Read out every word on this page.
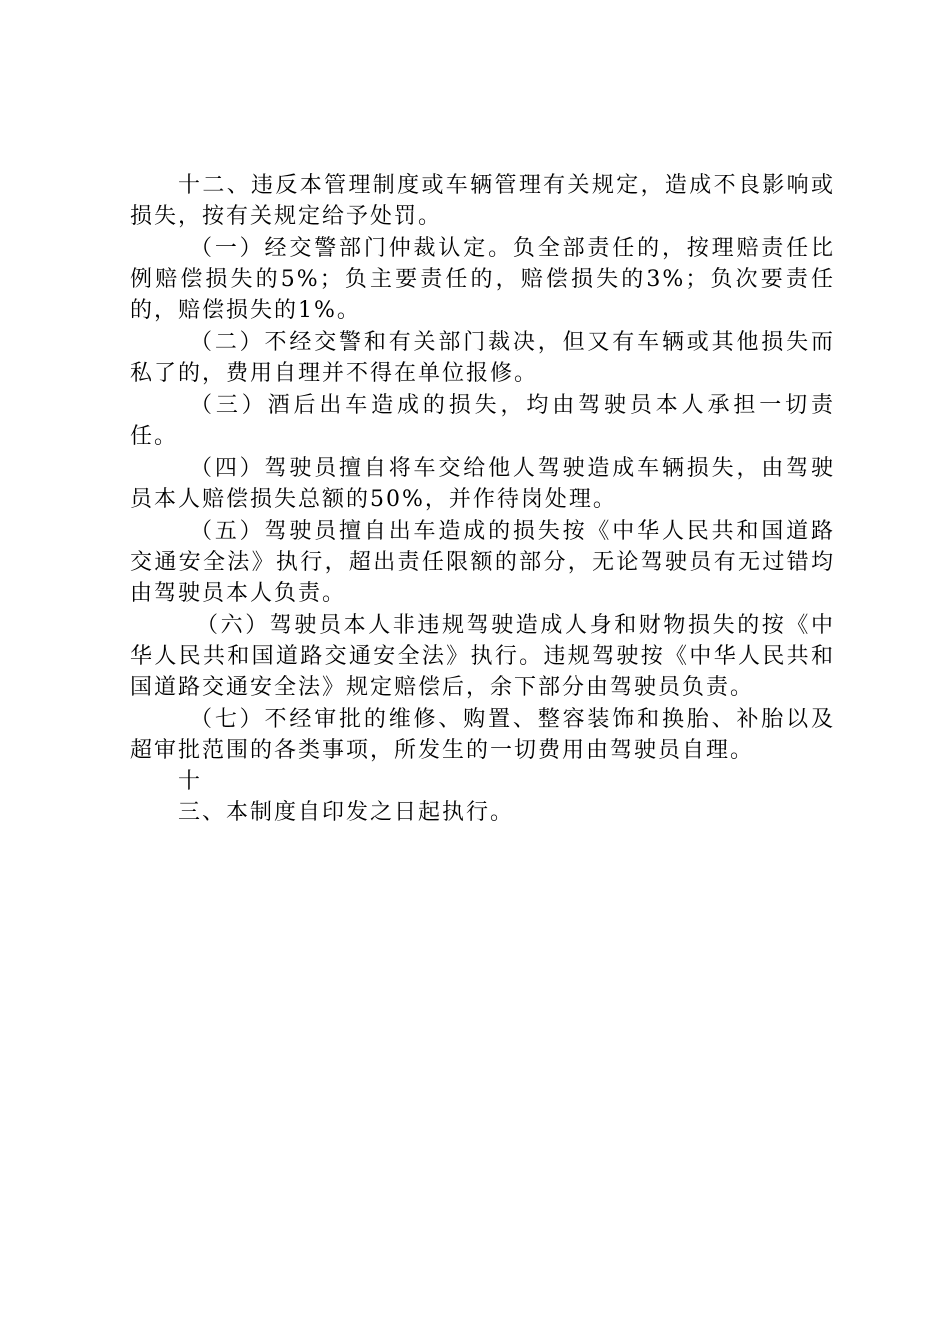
十二、违反本管理制度或车辆管理有关规定，造成不良影响或损失，按有关规定给予处罚。

（一）经交警部门仲裁认定。负全部责任的，按理赔责任比例赔偿损失的5%；负主要责任的，赔偿损失的3%；负次要责任的，赔偿损失的1%。

（二）不经交警和有关部门裁决，但又有车辆或其他损失而私了的，费用自理并不得在单位报修。

（三）酒后出车造成的损失，均由驾驶员本人承担一切责任。

（四）驾驶员擅自将车交给他人驾驶造成车辆损失，由驾驶员本人赔偿损失总额的50%，并作待岗处理。

（五）驾驶员擅自出车造成的损失按《中华人民共和国道路交通安全法》执行，超出责任限额的部分，无论驾驶员有无过错均由驾驶员本人负责。

（六）驾驶员本人非违规驾驶造成人身和财物损失的按《中华人民共和国道路交通安全法》执行。违规驾驶按《中华人民共和国道路交通安全法》规定赔偿后，余下部分由驾驶员负责。

（七）不经审批的维修、购置、整容装饰和换胎、补胎以及超审批范围的各类事项，所发生的一切费用由驾驶员自理。

十

三、本制度自印发之日起执行。
